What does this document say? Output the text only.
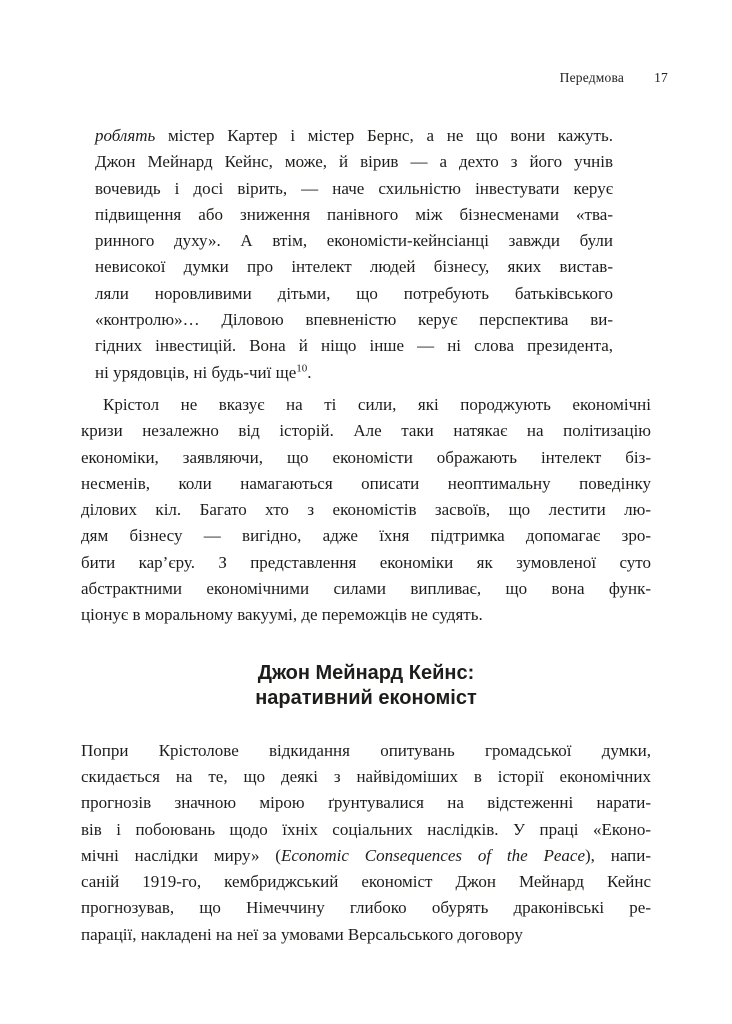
Передмова 17
роблять містер Картер і містер Бернс, а не що вони кажуть.
Джон Мейнард Кейнс, може, й вірив — а дехто з його учнів
вочевидь і досі вірить, — наче схильністю інвестувати керує
підвищення або зниження панівного між бізнесменами «тва-
ринного духу». А втім, економісти-кейнсіанці завжди були
невисокої думки про інтелект людей бізнесу, яких вистав-
ляли норовливими дітьми, що потребують батьківського
«контролю»… Діловою впевненістю керує перспектива ви-
гідних інвестицій. Вона й ніщо інше — ні слова президента,
ні урядовців, ні будь-чиї $ще^{10}$.
Крістол не вказує на ті сили, які породжують економічні
кризи незалежно від історій. Але таки натякає на політизацію
економіки, заявляючи, що економісти ображають інтелект біз-
несменів, коли намагаються описати неоптимальну поведінку
ділових кіл. Багато хто з економістів засвоїв, що лестити лю-
дям бізнесу — вигідно, адже їхня підтримка допомагає зро-
бити кар’єру. З представлення економіки як зумовленої суто
абстрактними економічними силами випливає, що вона функ-
ціонує в моральному вакуумі, де переможців не судять.
Джон Мейнард Кейнс:
наративний економіст
Попри Крістолове відкидання опитувань громадської думки,
скидається на те, що деякі з найвідоміших в історії економічних
прогнозів значною мірою ґрунтувалися на відстеженні нарати-
вів і побоювань щодо їхніх соціальних наслідків. У праці «Еконо-
мічні наслідки миру» (Economic Consequences of the Peace), напи-
саній 1919-го, кембриджський економіст Джон Мейнард Кейнс
прогнозував, що Німеччину глибоко обурять драконівські ре-
парації, накладені на неї за умовами Версальського договору
